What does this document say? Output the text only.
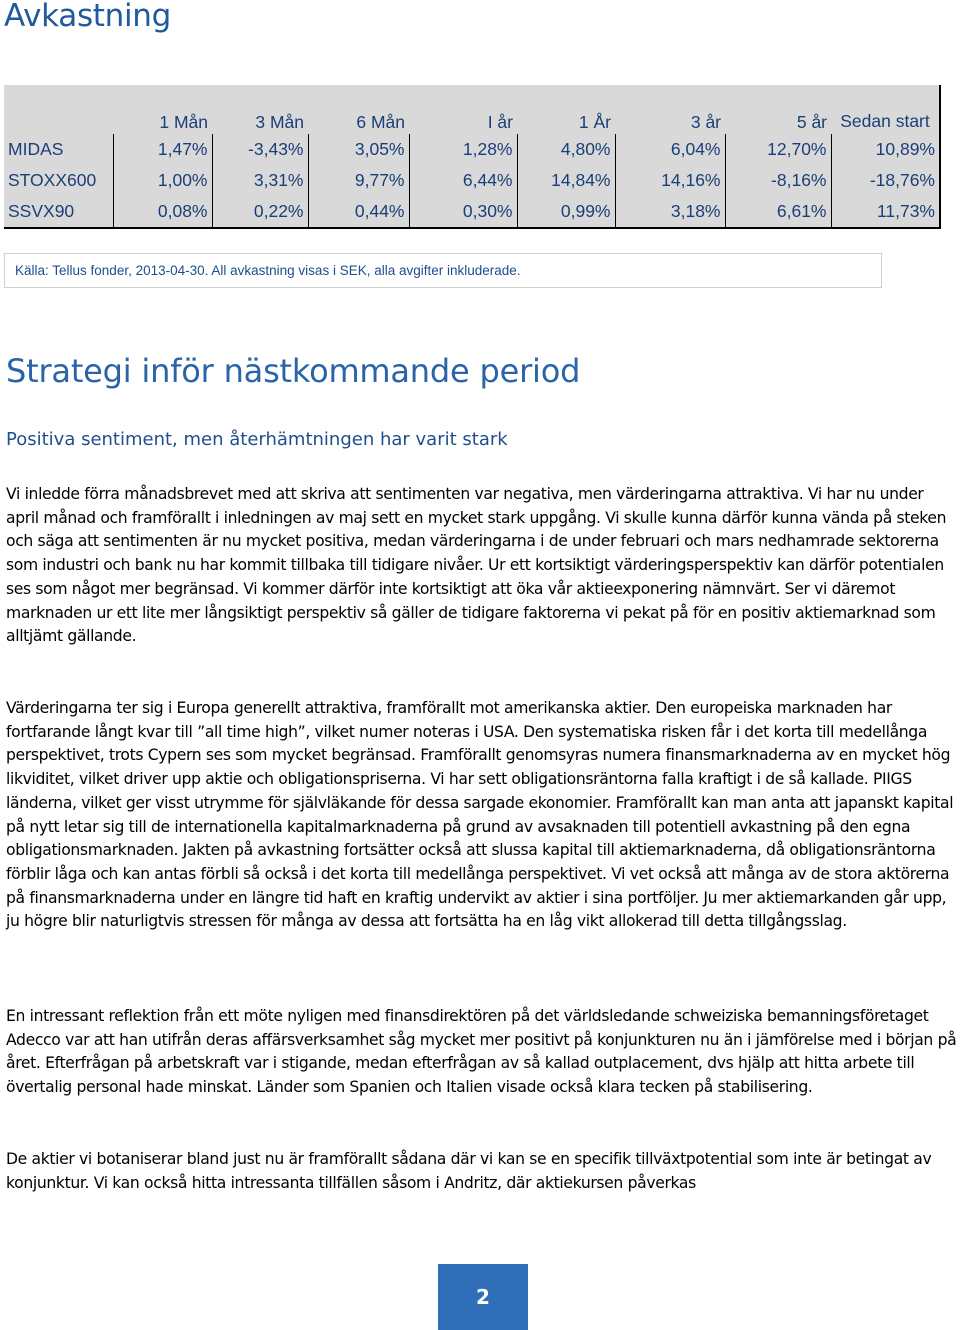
Avkastning
	1 Mån	3 Mån	6 Mån	I år	1 År	3 år	5 år	Sedan start
MIDAS	1,47%	-3,43%	3,05%	1,28%	4,80%	6,04%	12,70%	10,89%
STOXX600	1,00%	3,31%	9,77%	6,44%	14,84%	14,16%	-8,16%	-18,76%
SSVX90	0,08%	0,22%	0,44%	0,30%	0,99%	3,18%	6,61%	11,73%
Källa: Tellus fonder, 2013-04-30. All avkastning visas i SEK, alla avgifter inkluderade.
Strategi inför nästkommande period
Positiva sentiment, men återhämtningen har varit stark

Vi inledde förra månadsbrevet med att skriva att sentimenten var negativa, men värderingarna attraktiva. Vi har nu under april månad och framförallt i inledningen av maj sett en mycket stark uppgång. Vi skulle kunna därför kunna vända på steken och säga att sentimenten är nu mycket positiva, medan värderingarna i de under februari och mars nedhamrade sektorerna som industri och bank nu har kommit tillbaka till tidigare nivåer. Ur ett kortsiktigt värderingsperspektiv kan därför potentialen ses som något mer begränsad. Vi kommer därför inte kortsiktigt att öka vår aktieexponering nämnvärt. Ser vi däremot marknaden ur ett lite mer långsiktigt perspektiv så gäller de tidigare faktorerna vi pekat på för en positiv aktiemarknad som alltjämt gällande.

Värderingarna ter sig i Europa generellt attraktiva, framförallt mot amerikanska aktier. Den europeiska marknaden har fortfarande långt kvar till ”all time high”, vilket numer noteras i USA. Den systematiska risken får i det korta till medellånga perspektivet, trots Cypern ses som mycket begränsad. Framförallt genomsyras numera finansmarknaderna av en mycket hög likviditet, vilket driver upp aktie och obligationspriserna. Vi har sett obligationsräntorna falla kraftigt i de så kallade. PIIGS länderna, vilket ger visst utrymme för självläkande för dessa sargade ekonomier. Framförallt kan man anta att japanskt kapital på nytt letar sig till de internationella kapitalmarknaderna på grund av avsaknaden till potentiell avkastning på den egna obligationsmarknaden. Jakten på avkastning fortsätter också att slussa kapital till aktiemarknaderna, då obligationsräntorna förblir låga och kan antas förbli så också i det korta till medellånga perspektivet. Vi vet också att många av de stora aktörerna på finansmarknaderna under en längre tid haft en kraftig undervikt av aktier i sina portföljer. Ju mer aktiemarkanden går upp, ju högre blir naturligtvis stressen för många av dessa att fortsätta ha en låg vikt allokerad till detta tillgångsslag.

En intressant reflektion från ett möte nyligen med finansdirektören på det världsledande schweiziska bemanningsföretaget Adecco var att han utifrån deras affärsverksamhet såg mycket mer positivt på konjunkturen nu än i jämförelse med i början på året. Efterfrågan på arbetskraft var i stigande, medan efterfrågan av så kallad outplacement, dvs hjälp att hitta arbete till övertalig personal hade minskat. Länder som Spanien och Italien visade också klara tecken på stabilisering.

De aktier vi botaniserar bland just nu är framförallt sådana där vi kan se en specifik tillväxtpotential som inte är betingat av konjunktur. Vi kan också hitta intressanta tillfällen såsom i Andritz, där aktiekursen påverkas

2
